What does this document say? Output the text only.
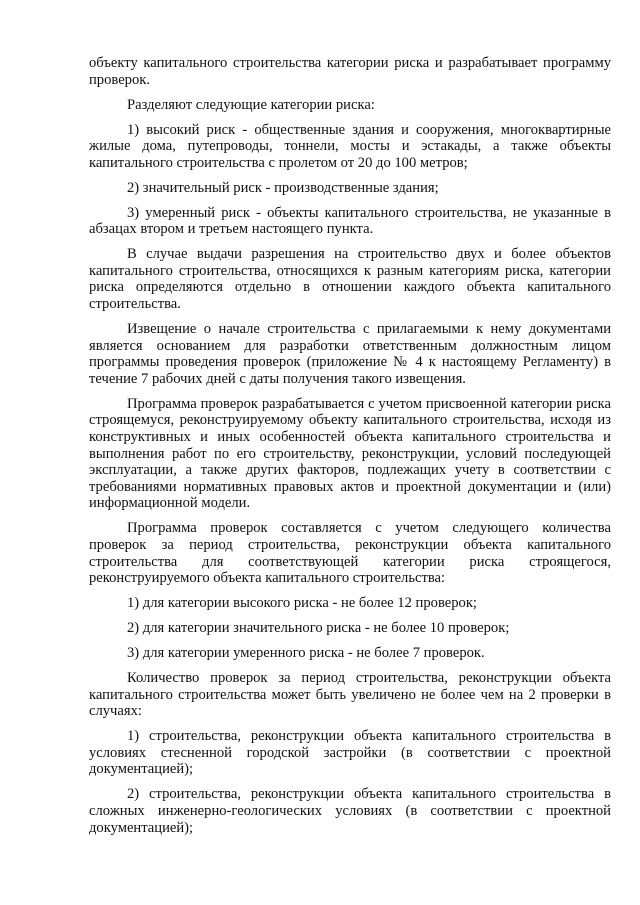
объекту капитального строительства категории риска и разрабатывает программу проверок.

Разделяют следующие категории риска:

1) высокий риск - общественные здания и сооружения, многоквартирные жилые дома, путепроводы, тоннели, мосты и эстакады, а также объекты капитального строительства с пролетом от 20 до 100 метров;

2) значительный риск - производственные здания;

3) умеренный риск - объекты капитального строительства, не указанные в абзацах втором и третьем настоящего пункта.

В случае выдачи разрешения на строительство двух и более объектов капитального строительства, относящихся к разным категориям риска, категории риска определяются отдельно в отношении каждого объекта капитального строительства.

Извещение о начале строительства с прилагаемыми к нему документами является основанием для разработки ответственным должностным лицом программы проведения проверок (приложение № 4 к настоящему Регламенту) в течение 7 рабочих дней с даты получения такого извещения.

Программа проверок разрабатывается с учетом присвоенной категории риска строящемуся, реконструируемому объекту капитального строительства, исходя из конструктивных и иных особенностей объекта капитального строительства и выполнения работ по его строительству, реконструкции, условий последующей эксплуатации, а также других факторов, подлежащих учету в соответствии с требованиями нормативных правовых актов и проектной документации и (или) информационной модели.

Программа проверок составляется с учетом следующего количества проверок за период строительства, реконструкции объекта капитального строительства для соответствующей категории риска строящегося, реконструируемого объекта капитального строительства:

1) для категории высокого риска - не более 12 проверок;

2) для категории значительного риска - не более 10 проверок;

3) для категории умеренного риска - не более 7 проверок.

Количество проверок за период строительства, реконструкции объекта капитального строительства может быть увеличено не более чем на 2 проверки в случаях:

1) строительства, реконструкции объекта капитального строительства в условиях стесненной городской застройки (в соответствии с проектной документацией);

2) строительства, реконструкции объекта капитального строительства в сложных инженерно-геологических условиях (в соответствии с проектной документацией);
